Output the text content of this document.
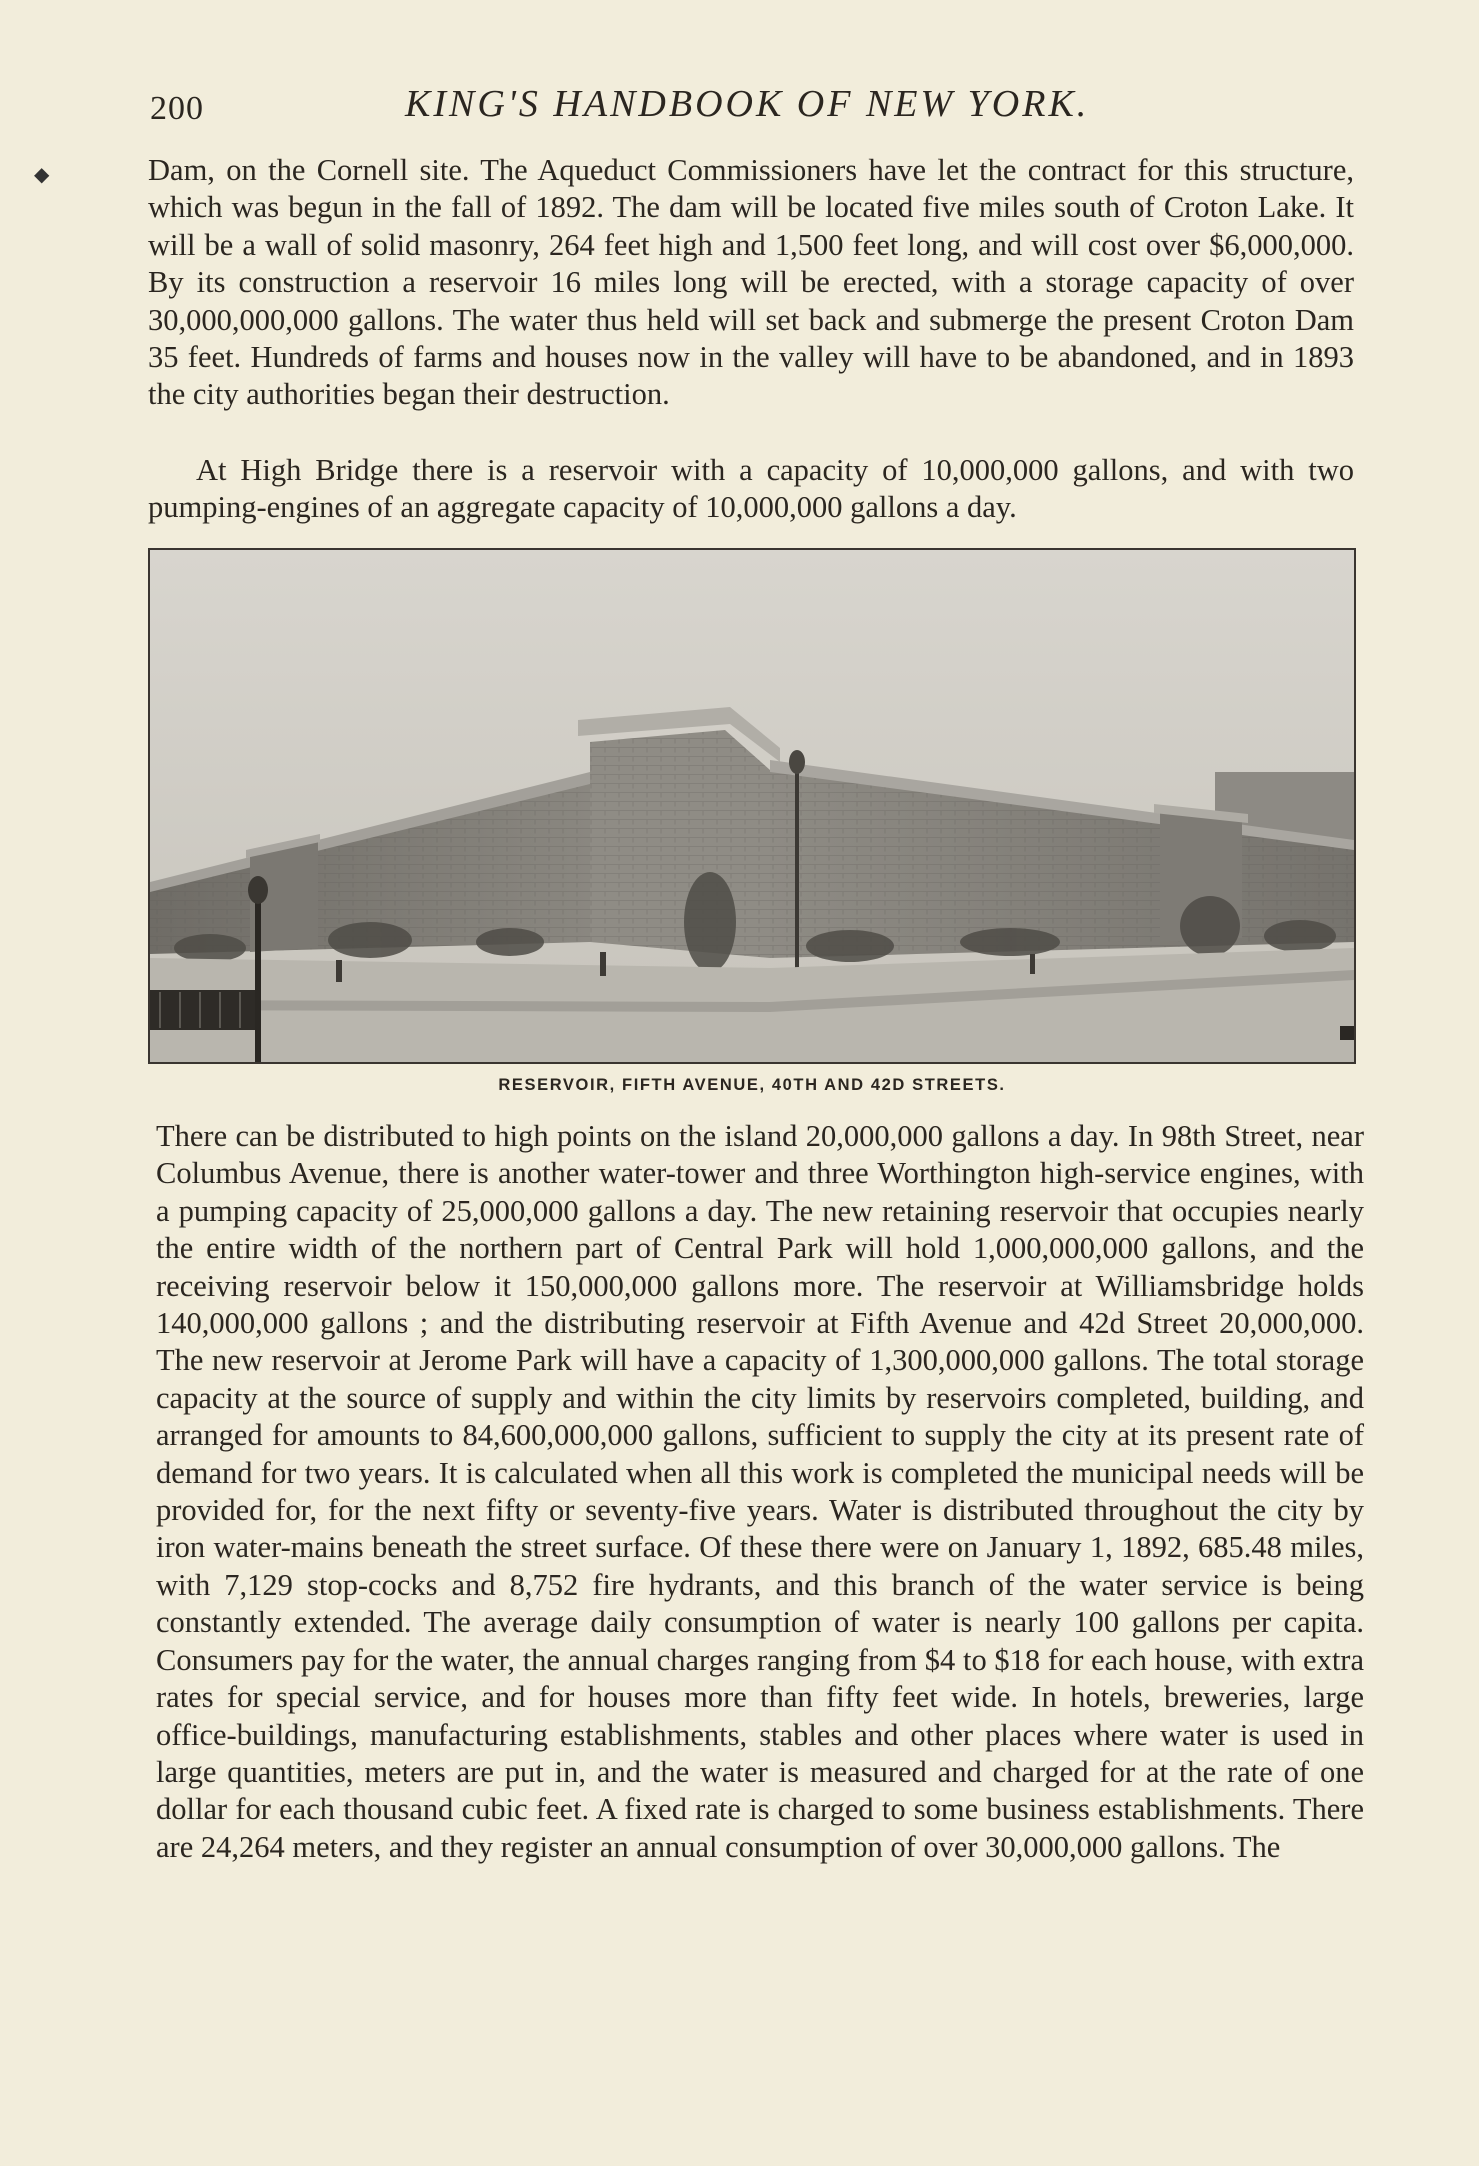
200	KING'S HANDBOOK OF NEW YORK.
◆	Dam, on the Cornell site. The Aqueduct Commissioners have let the contract for this structure, which was begun in the fall of 1892. The dam will be located five miles south of Croton Lake. It will be a wall of solid masonry, 264 feet high and 1,500 feet long, and will cost over $6,000,000. By its construction a reservoir 16 miles long will be erected, with a storage capacity of over 30,000,000,000 gallons. The water thus held will set back and submerge the present Croton Dam 35 feet. Hundreds of farms and houses now in the valley will have to be abandoned, and in 1893 the city authorities began their destruction.

At High Bridge there is a reservoir with a capacity of 10,000,000 gallons, and with two pumping-engines of an aggregate capacity of 10,000,000 gallons a day.

RESERVOIR, FIFTH AVENUE, 40TH AND 42D STREETS.

There can be distributed to high points on the island 20,000,000 gallons a day. In 98th Street, near Columbus Avenue, there is another water-tower and three Worthington high-service engines, with a pumping capacity of 25,000,000 gallons a day. The new retaining reservoir that occupies nearly the entire width of the northern part of Central Park will hold 1,000,000,000 gallons, and the receiving reservoir below it 150,000,000 gallons more. The reservoir at Williamsbridge holds 140,000,000 gallons ; and the distributing reservoir at Fifth Avenue and 42d Street 20,000,000. The new reservoir at Jerome Park will have a capacity of 1,300,000,000 gallons. The total storage capacity at the source of supply and within the city limits by reservoirs completed, building, and arranged for amounts to 84,600,000,000 gallons, sufficient to supply the city at its present rate of demand for two years. It is calculated when all this work is completed the municipal needs will be provided for, for the next fifty or seventy-five years. Water is distributed throughout the city by iron water-mains beneath the street surface. Of these there were on January 1, 1892, 685.48 miles, with 7,129 stop-cocks and 8,752 fire hydrants, and this branch of the water service is being constantly extended. The average daily consumption of water is nearly 100 gallons per capita. Consumers pay for the water, the annual charges ranging from $4 to $18 for each house, with extra rates for special service, and for houses more than fifty feet wide. In hotels, breweries, large office-buildings, manufacturing establishments, stables and other places where water is used in large quantities, meters are put in, and the water is measured and charged for at the rate of one dollar for each thousand cubic feet. A fixed rate is charged to some business establishments. There are 24,264 meters, and they register an annual consumption of over 30,000,000 gallons. The
